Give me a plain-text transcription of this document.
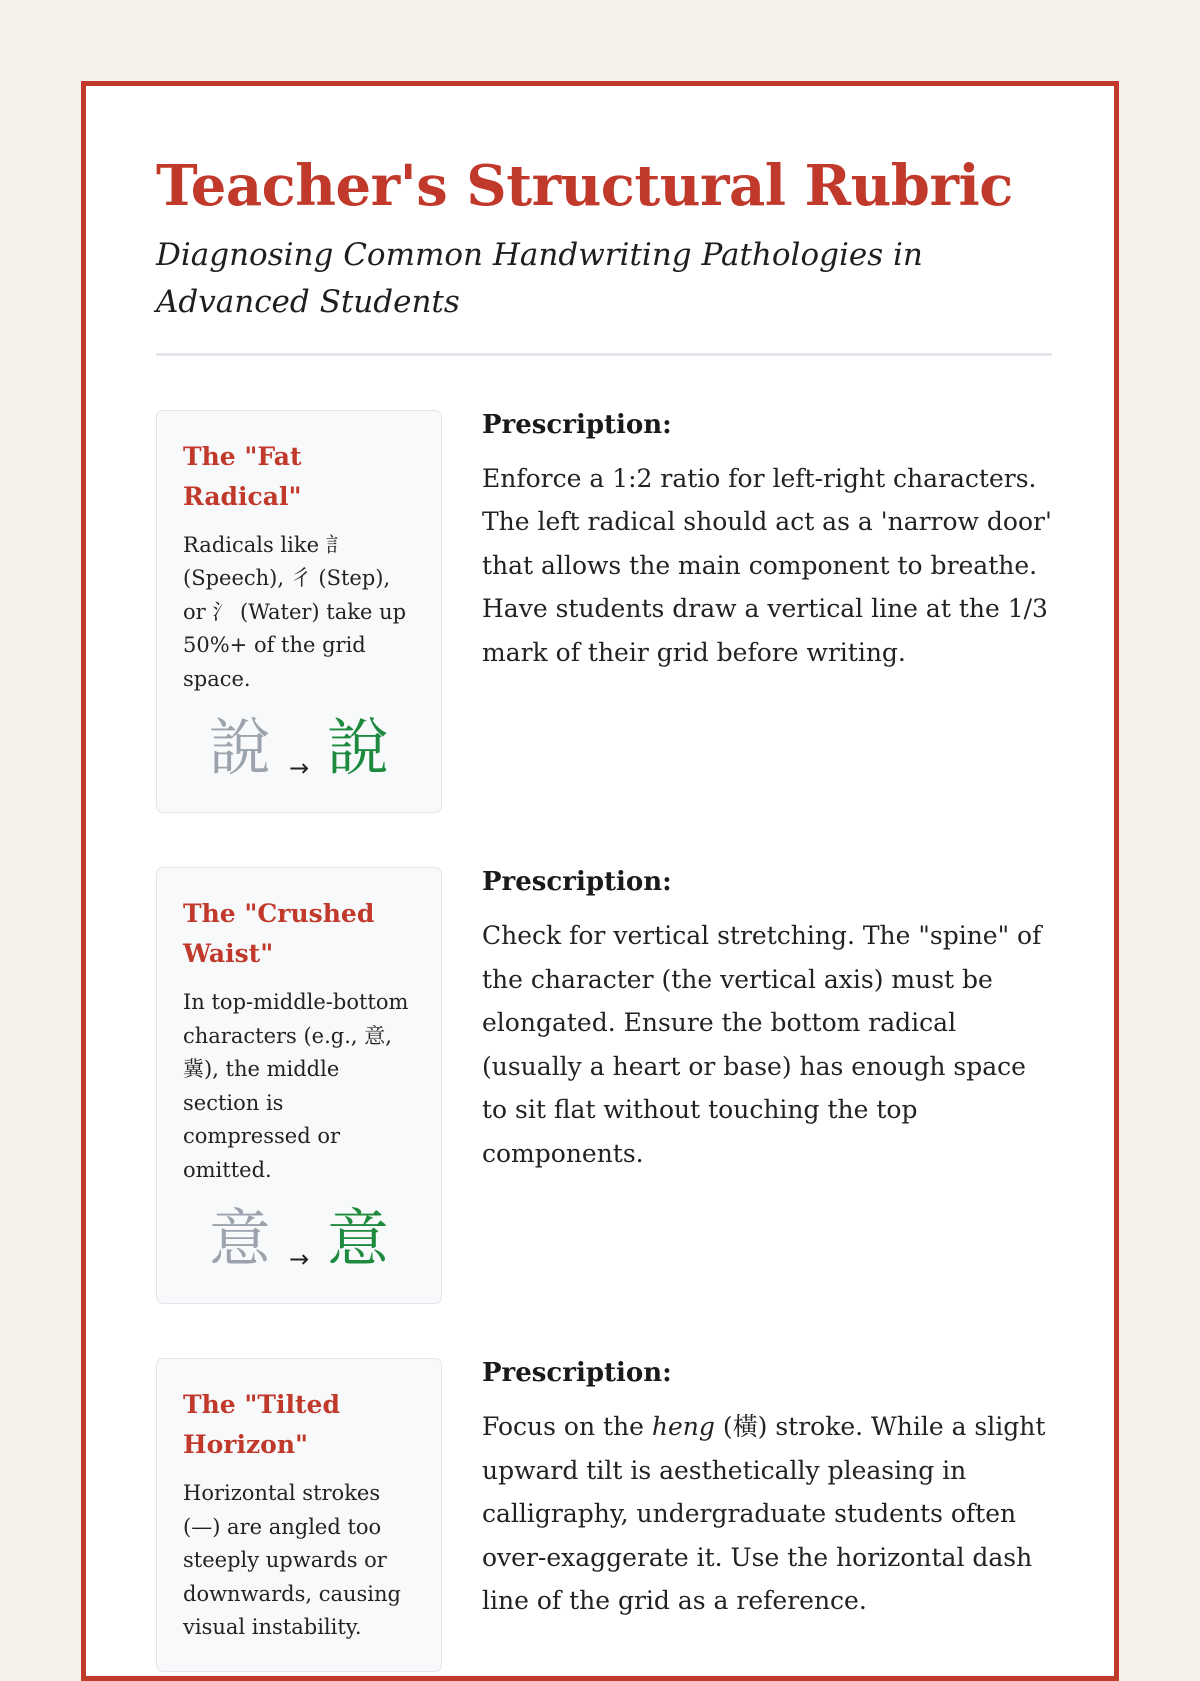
Teacher's Structural Rubric
Diagnosing Common Handwriting Pathologies in Advanced Students
The "Fat Radical"
Radicals like 訁 (Speech), 彳 (Step), or 氵 (Water) take up 50%+ of the grid space.
說 → 說
Prescription:
Enforce a 1:2 ratio for left-right characters. The left radical should act as a 'narrow door' that allows the main component to breathe. Have students draw a vertical line at the 1/3 mark of their grid before writing.
The "Crushed Waist"
In top-middle-bottom characters (e.g., 意, 冀), the middle section is compressed or omitted.
意 → 意
Prescription:
Check for vertical stretching. The "spine" of the character (the vertical axis) must be elongated. Ensure the bottom radical (usually a heart or base) has enough space to sit flat without touching the top components.
The "Tilted Horizon"
Horizontal strokes (—) are angled too steeply upwards or downwards, causing visual instability.
Prescription:
Focus on the heng (橫) stroke. While a slight upward tilt is aesthetically pleasing in calligraphy, undergraduate students often over-exaggerate it. Use the horizontal dash line of the grid as a reference.
